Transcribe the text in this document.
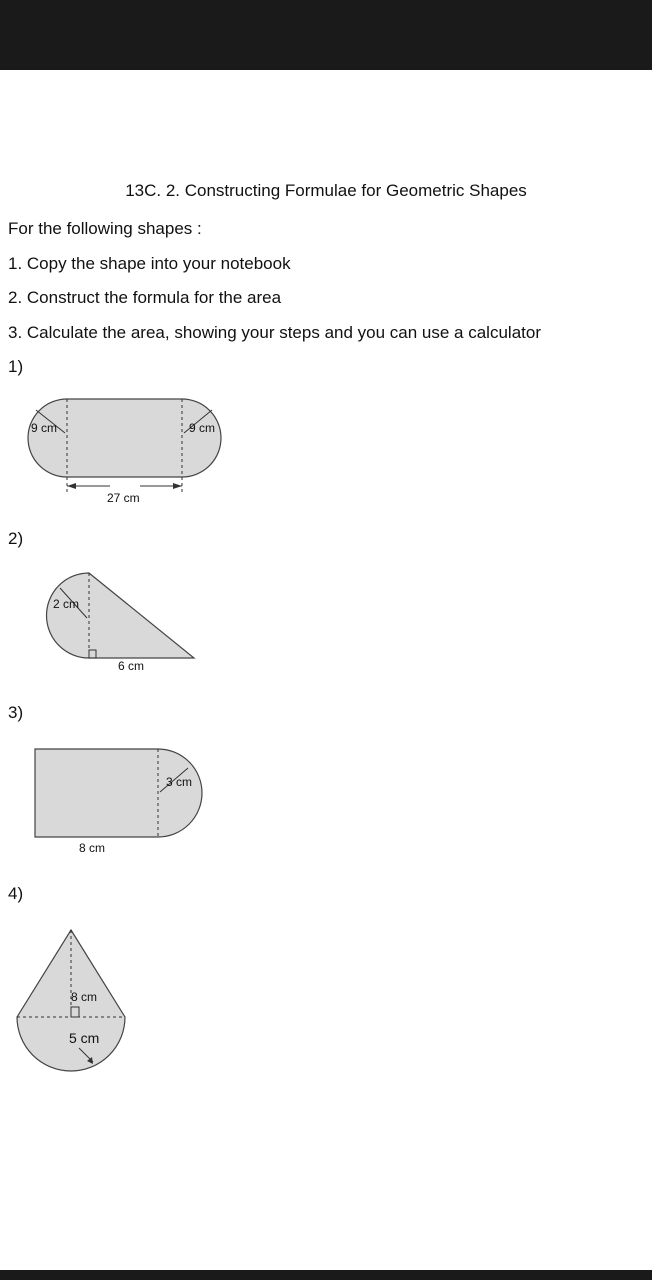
13C. 2. Constructing Formulae for Geometric Shapes
For the following shapes :
1. Copy the shape into your notebook
2. Construct the formula for the area
3. Calculate the area, showing your steps and you can use a calculator
1)
9 cm	9 cm
27 cm
2)
2 cm
6 cm
3)
3 cm
8 cm
4)
8 cm
5 cm
